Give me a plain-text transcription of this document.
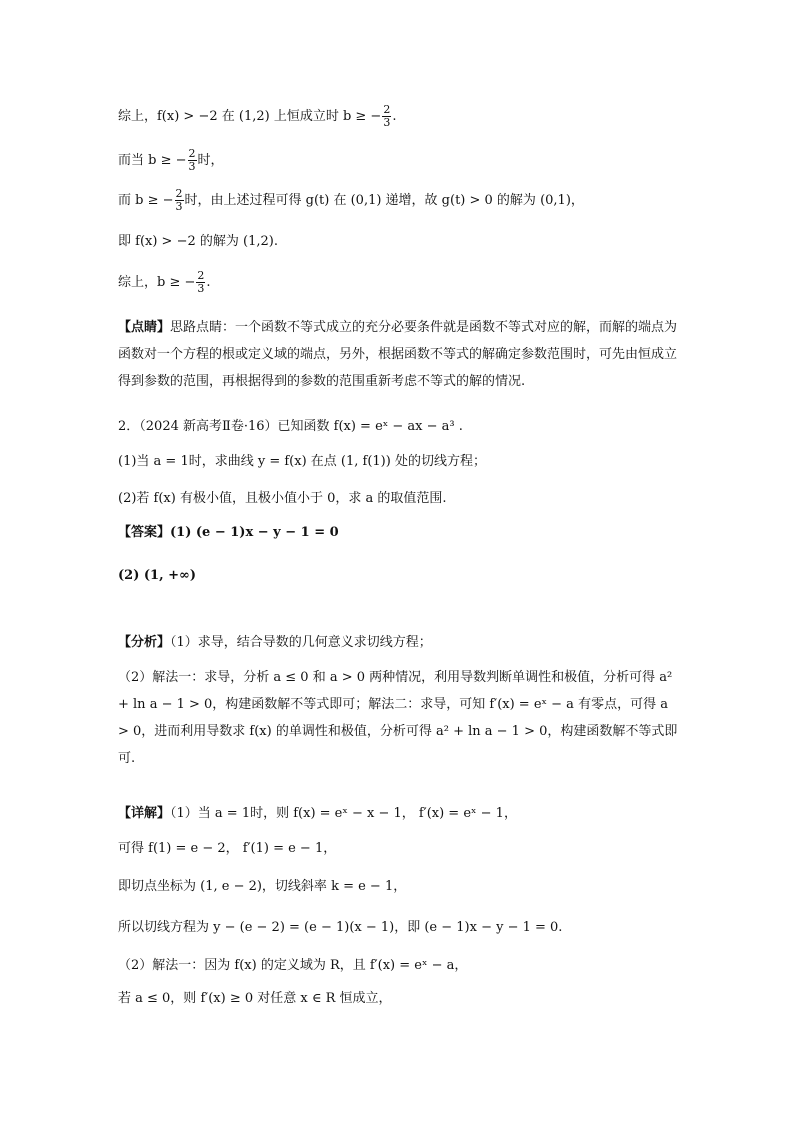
综上，f(x) > −2 在 (1,2) 上恒成立时 b ≥ − $\frac{2}{3}$ .
而当 b ≥ − $\frac{2}{3}$ 时，
而 b ≥ − $\frac{2}{3}$ 时，由上述过程可得 g(t) 在 (0,1) 递增，故 g(t) > 0 的解为 (0,1)，
即 f(x) > −2 的解为 (1,2).
综上，b ≥ − $\frac{2}{3}$ .
【点睛】思路点睛：一个函数不等式成立的充分必要条件就是函数不等式对应的解，而解的端点为函数对一个方程的根或定义域的端点，另外，根据函数不等式的解确定参数范围时，可先由恒成立得到参数的范围，再根据得到的参数的范围重新考虑不等式的解的情况.
2．（2024 新高考Ⅱ卷·16）已知函数 f(x) = eˣ − ax − a³ .
(1)当 a = 1时，求曲线 y = f(x) 在点 (1, f(1)) 处的切线方程；
(2)若 f(x) 有极小值，且极小值小于 0，求 a 的取值范围.
【答案】(1) (e − 1)x − y − 1 = 0
(2) (1, +∞)
【分析】（1）求导，结合导数的几何意义求切线方程；
（2）解法一：求导，分析 a ≤ 0 和 a > 0 两种情况，利用导数判断单调性和极值，分析可得 a² + ln a − 1 > 0，构建函数解不等式即可；解法二：求导，可知 f′(x) = eˣ − a 有零点，可得 a > 0，进而利用导数求 f(x) 的单调性和极值，分析可得 a² + ln a − 1 > 0，构建函数解不等式即可.
【详解】（1）当 a = 1时，则 f(x) = eˣ − x − 1， f′(x) = eˣ − 1，
可得 f(1) = e − 2， f′(1) = e − 1，
即切点坐标为 (1, e − 2)，切线斜率 k = e − 1，
所以切线方程为 y − (e − 2) = (e − 1)(x − 1)，即 (e − 1)x − y − 1 = 0.
（2）解法一：因为 f(x) 的定义域为 R，且 f′(x) = eˣ − a，
若 a ≤ 0，则 f′(x) ≥ 0 对任意 x ∈ R 恒成立，
